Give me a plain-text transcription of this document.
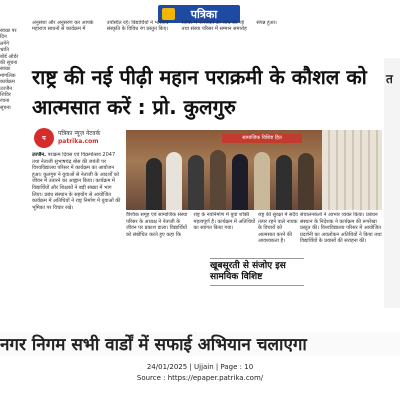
पत्रिका
स्वच्छ पर
दिन
लगेंगे
भ्राति
बोर्ड ऑर्डर
की सूचना
स्वच्छ
मांगलिक
कार्यक्रम
उज्जैन
शिविर
रचना
सूचना

अनुसंशा और अनुसरण कर आपके महाराज साधनों से कार्यक्रम में उपस्थित रहे। विद्यार्थियों ने भारतीय संस्कृति के विविध रंग प्रस्तुत किए। शिविर में नागरिकों की जांच की गई तथा संस्था परिसर में सम्मान समारोह संपन्न हुआ।

राष्ट्र की नई पीढ़ी महान पराक्रमी के कौशल को आत्मसात करें : प्रो. कुलगुरु
त
प
पत्रिका न्यूज़ नेटवर्क
patrika.com
उज्जैन. पराक्रम दिवस एवं विक्रमोत्सव 2047 तथा नेताजी सुभाषचंद्र बोस की जयंती पर विश्वविद्यालय परिसर में कार्यक्रम का आयोजन हुआ। कुलगुरु ने युवाओं से नेताजी के आदर्शों को जीवन में उतारने का आह्वान किया। कार्यक्रम में विद्यार्थियों और शिक्षकों ने बड़ी संख्या में भाग लिया। प्रबंध संस्थान के सहयोग से आयोजित कार्यक्रम में अतिथियों ने राष्ट्र निर्माण में युवाओं की भूमिका पर विचार रखे।
सामाजिक विशिष्ट हित

वैश्विक समूह एवं सामाजिक संस्था परिसर के अध्यक्ष ने नेताजी के जीवन पर प्रकाश डाला। विद्यार्थियों को संबोधित करते हुए कहा कि राष्ट्र के नवनिर्माण में युवा शक्ति महत्वपूर्ण है। कार्यक्रम में अतिथियों का स्वागत किया गया।

राष्ट्र की सुरक्षा में सदैव तत्पर रहने वाले नायक के विचारों को आत्मसात करने की आवश्यकता है।
खूबसूरती से संजोए इस सामयिक विशिष्ट
संचालनकर्ता ने आभार व्यक्त किया। प्रबंधन संस्थान के निदेशक ने कार्यक्रम की रूपरेखा प्रस्तुत की। विश्वविद्यालय परिसर में आयोजित प्रदर्शनी का अवलोकन अतिथियों ने किया तथा विद्यार्थियों के प्रयासों की सराहना की।
नगर निगम सभी वार्डों में सफाई अभियान चलाएगा
24/01/2025 | Ujjain | Page : 10
Source : https://epaper.patrika.com/
